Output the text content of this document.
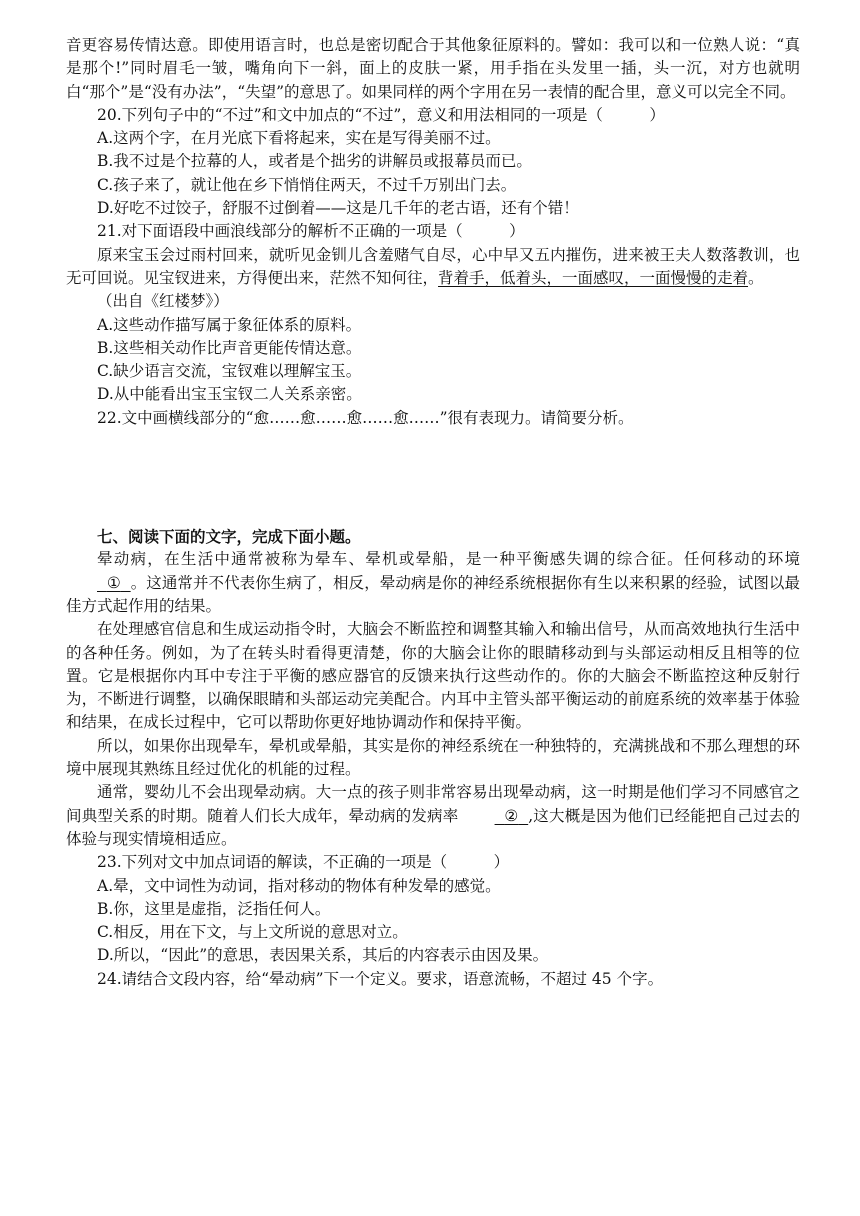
音更容易传情达意。即使用语言时，也总是密切配合于其他象征原料的。譬如：我可以和一位熟人说：“真是那个!”同时眉毛一皱，嘴角向下一斜，面上的皮肤一紧，用手指在头发里一插，头一沉，对方也就明白“那个”是“没有办法”，“失望”的意思了。如果同样的两个字用在另一表情的配合里，意义可以完全不同。

20.下列句子中的“不过”和文中加点的“不过”，意义和用法相同的一项是（　　　）

A.这两个字，在月光底下看将起来，实在是写得美丽不过。

B.我不过是个拉幕的人，或者是个拙劣的讲解员或报幕员而已。

C.孩子来了，就让他在乡下悄悄住两天，不过千万别出门去。

D.好吃不过饺子，舒服不过倒着——这是几千年的老古语，还有个错！

21.对下面语段中画浪线部分的解析不正确的一项是（　　　）

原来宝玉会过雨村回来，就听见金钏儿含羞赌气自尽，心中早又五内摧伤，进来被王夫人数落教训，也无可回说。见宝钗进来，方得便出来，茫然不知何往，背着手，低着头，一面感叹，一面慢慢的走着。

（出自《红楼梦》）

A.这些动作描写属于象征体系的原料。

B.这些相关动作比声音更能传情达意。

C.缺少语言交流，宝钗难以理解宝玉。

D.从中能看出宝玉宝钗二人关系亲密。

22.文中画横线部分的“愈……愈……愈……愈……”很有表现力。请简要分析。

七、阅读下面的文字，完成下面小题。

晕动病，在生活中通常被称为晕车、晕机或晕船，是一种平衡感失调的综合征。任何移动的环境  ① 。这通常并不代表你生病了，相反，晕动病是你的神经系统根据你有生以来积累的经验，试图以最佳方式起作用的结果。

在处理感官信息和生成运动指令时，大脑会不断监控和调整其输入和输出信号，从而高效地执行生活中的各种任务。例如，为了在转头时看得更清楚，你的大脑会让你的眼睛移动到与头部运动相反且相等的位置。它是根据你内耳中专注于平衡的感应器官的反馈来执行这些动作的。你的大脑会不断监控这种反射行为，不断进行调整，以确保眼睛和头部运动完美配合。内耳中主管头部平衡运动的前庭系统的效率基于体验和结果，在成长过程中，它可以帮助你更好地协调动作和保持平衡。

所以，如果你出现晕车，晕机或晕船，其实是你的神经系统在一种独特的，充满挑战和不那么理想的环境中展现其熟练且经过优化的机能的过程。

通常，婴幼儿不会出现晕动病。大一点的孩子则非常容易出现晕动病，这一时期是他们学习不同感官之间典型关系的时期。随着人们长大成年，晕动病的发病率	② ,这大概是因为他们已经能把自己过去的体验与现实情境相适应。

23.下列对文中加点词语的解读，不正确的一项是（　　　）

A.晕，文中词性为动词，指对移动的物体有种发晕的感觉。

B.你，这里是虚指，泛指任何人。

C.相反，用在下文，与上文所说的意思对立。

D.所以，“因此”的意思，表因果关系，其后的内容表示由因及果。

24.请结合文段内容，给“晕动病”下一个定义。要求，语意流畅，不超过 45 个字。
